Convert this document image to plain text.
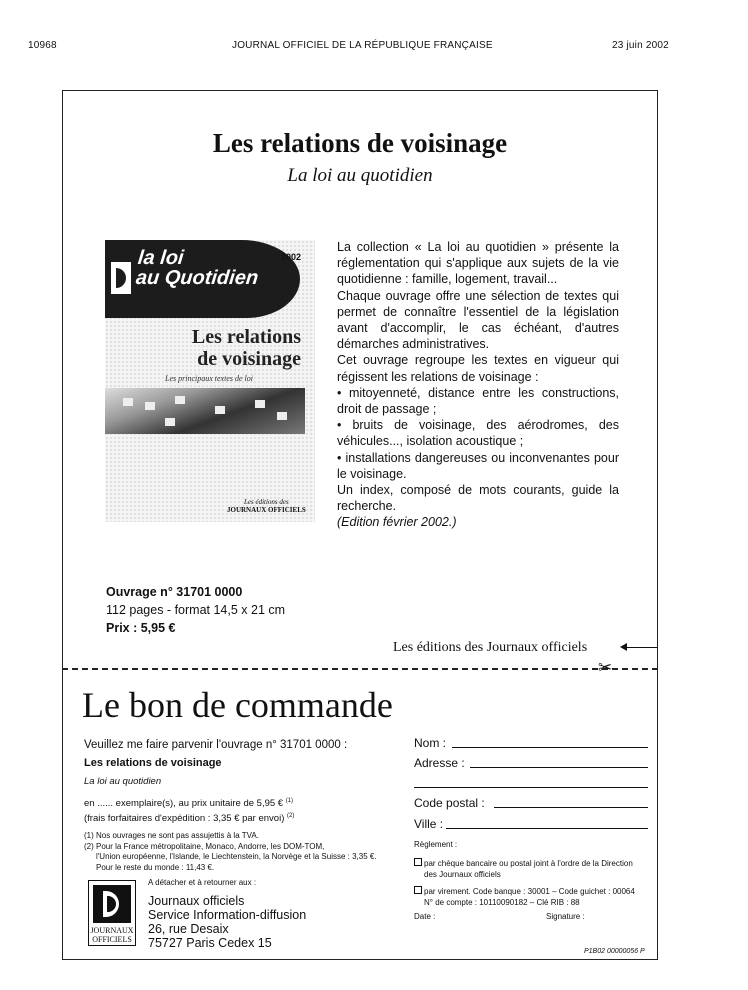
10968	JOURNAL OFFICIEL DE LA RÉPUBLIQUE FRANÇAISE	23 juin 2002
Les relations de voisinage
La loi au quotidien
la loi
au Quotidien
2002
Les relations
de voisinage
Les principaux textes de loi
Les éditions des
JOURNAUX OFFICIELS

La collection « La loi au quotidien » présente la réglementation qui s'applique aux sujets de la vie quotidienne : famille, logement, travail...

Chaque ouvrage offre une sélection de textes qui permet de connaître l'essentiel de la législation avant d'accomplir, le cas échéant, d'autres démarches administratives.

Cet ouvrage regroupe les textes en vigueur qui régissent les relations de voisinage :

• mitoyenneté, distance entre les constructions, droit de passage ;

• bruits de voisinage, des aérodromes, des véhicules..., isolation acoustique ;

• installations dangereuses ou inconvenantes pour le voisinage.

Un index, composé de mots courants, guide la recherche.

(Edition février 2002.)

Ouvrage n° 31701 0000
112 pages - format 14,5 x 21 cm
Prix : 5,95 €
Les éditions des Journaux officiels
✂
Le bon de commande
Veuillez me faire parvenir l'ouvrage n° 31701 0000 :
Les relations de voisinage
La loi au quotidien
en ...... exemplaire(s), au prix unitaire de 5,95 € $^{(1)}$
(frais forfaitaires d'expédition : 3,35 € par envoi) $^{(2)}$
(1) Nos ouvrages ne sont pas assujettis à la TVA.
(2) Pour la France métropolitaine, Monaco, Andorre, les DOM-TOM,
l'Union européenne, l'Islande, le Liechtenstein, la Norvège et la Suisse : 3,35 €.
Pour le reste du monde : 11,43 €.
A détacher et à retourner aux :
JOURNAUX
OFFICIELS
Journaux officiels
Service Information-diffusion
26, rue Desaix
75727 Paris Cedex 15
Nom :
Adresse :
Code postal :
Ville :
Règlement :
par chèque bancaire ou postal joint à l'ordre de la Direction
des Journaux officiels
par virement. Code banque : 30001 – Code guichet : 00064
N° de compte : 10110090182 – Clé RIB : 88
Date :	Signature :
P1B02 00000056 P
